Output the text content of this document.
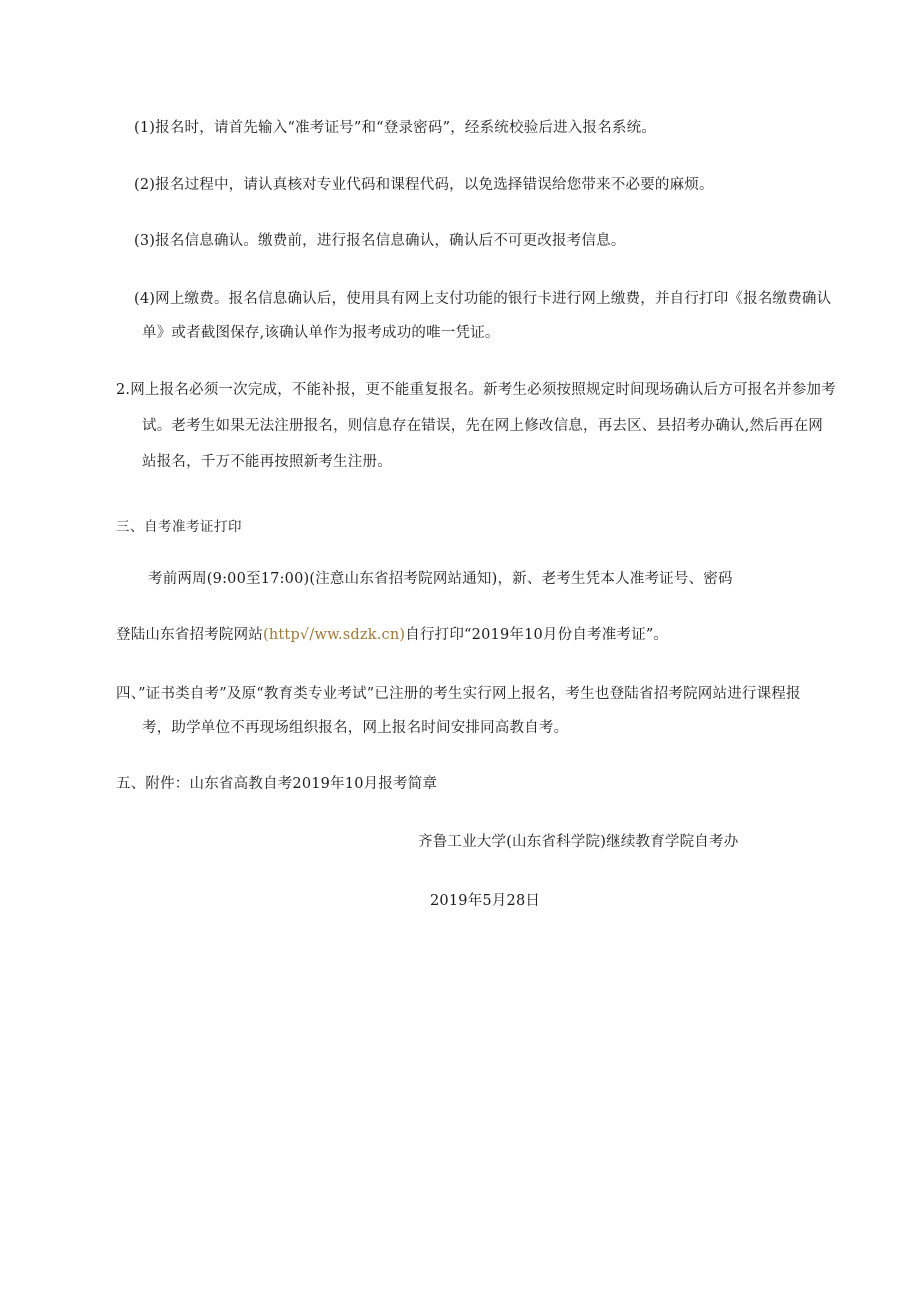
(1)报名时，请首先输入“准考证号”和“登录密码”，经系统校验后进入报名系统。
(2)报名过程中，请认真核对专业代码和课程代码，以免选择错误给您带来不必要的麻烦。
(3)报名信息确认。缴费前，进行报名信息确认，确认后不可更改报考信息。
(4)网上缴费。报名信息确认后，使用具有网上支付功能的银行卡进行网上缴费，并自行打印《报名缴费确认
单》或者截图保存,该确认单作为报考成功的唯一凭证。
2.网上报名必须一次完成，不能补报，更不能重复报名。新考生必须按照规定时间现场确认后方可报名并参加考
试。老考生如果无法注册报名，则信息存在错误，先在网上修改信息，再去区、县招考办确认,然后再在网
站报名，千万不能再按照新考生注册。
三、自考准考证打印
考前两周(9:00至17:00)(注意山东省招考院网站通知)，新、老考生凭本人准考证号、密码
登陆山东省招考院网站(http√/ww.sdzk.cn)自行打印“2019年10月份自考准考证”。
四、”证书类自考”及原“教育类专业考试”已注册的考生实行网上报名，考生也登陆省招考院网站进行课程报
考，助学单位不再现场组织报名，网上报名时间安排同高教自考。
五、附件：山东省高教自考2019年10月报考简章
齐鲁工业大学(山东省科学院)继续教育学院自考办
2019年5月28日
